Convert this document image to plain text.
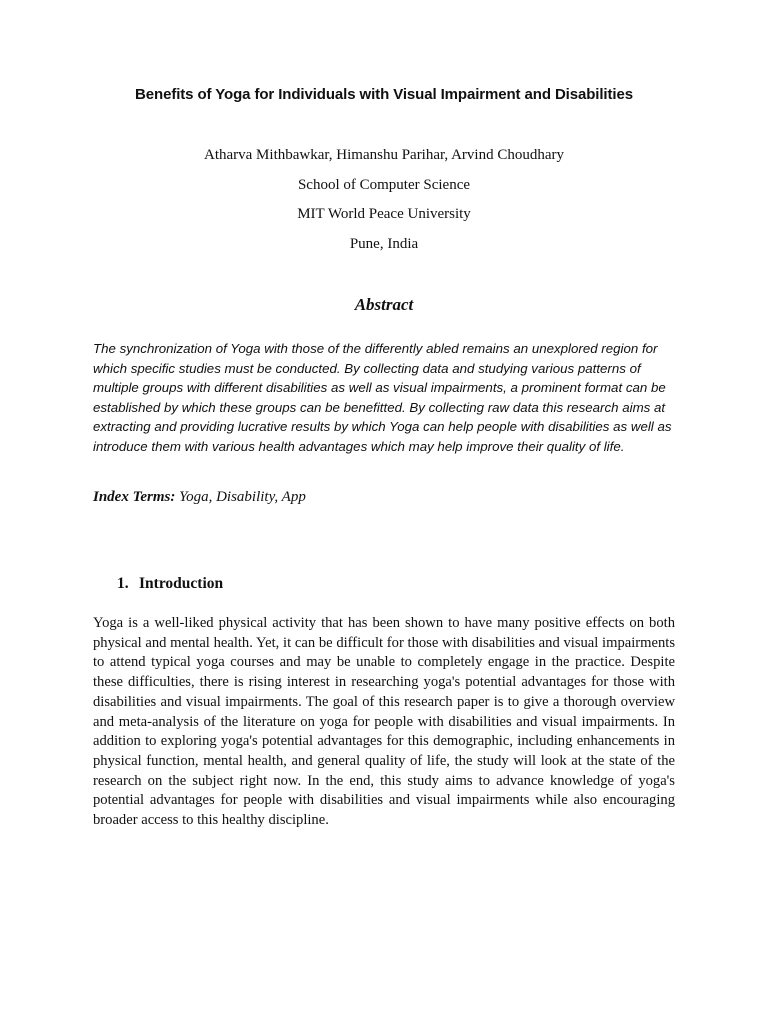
Benefits of Yoga for Individuals with Visual Impairment and Disabilities
Atharva Mithbawkar, Himanshu Parihar, Arvind Choudhary
School of Computer Science
MIT World Peace University
Pune, India
Abstract
The synchronization of Yoga with those of the differently abled remains an unexplored region for which specific studies must be conducted. By collecting data and studying various patterns of multiple groups with different disabilities as well as visual impairments, a prominent format can be established by which these groups can be benefitted. By collecting raw data this research aims at extracting and providing lucrative results by which Yoga can help people with disabilities as well as introduce them with various health advantages which may help improve their quality of life.
Index Terms: Yoga, Disability, App
1. Introduction
Yoga is a well-liked physical activity that has been shown to have many positive effects on both physical and mental health. Yet, it can be difficult for those with disabilities and visual impairments to attend typical yoga courses and may be unable to completely engage in the practice. Despite these difficulties, there is rising interest in researching yoga's potential advantages for those with disabilities and visual impairments. The goal of this research paper is to give a thorough overview and meta-analysis of the literature on yoga for people with disabilities and visual impairments. In addition to exploring yoga's potential advantages for this demographic, including enhancements in physical function, mental health, and general quality of life, the study will look at the state of the research on the subject right now. In the end, this study aims to advance knowledge of yoga's potential advantages for people with disabilities and visual impairments while also encouraging broader access to this healthy discipline.
